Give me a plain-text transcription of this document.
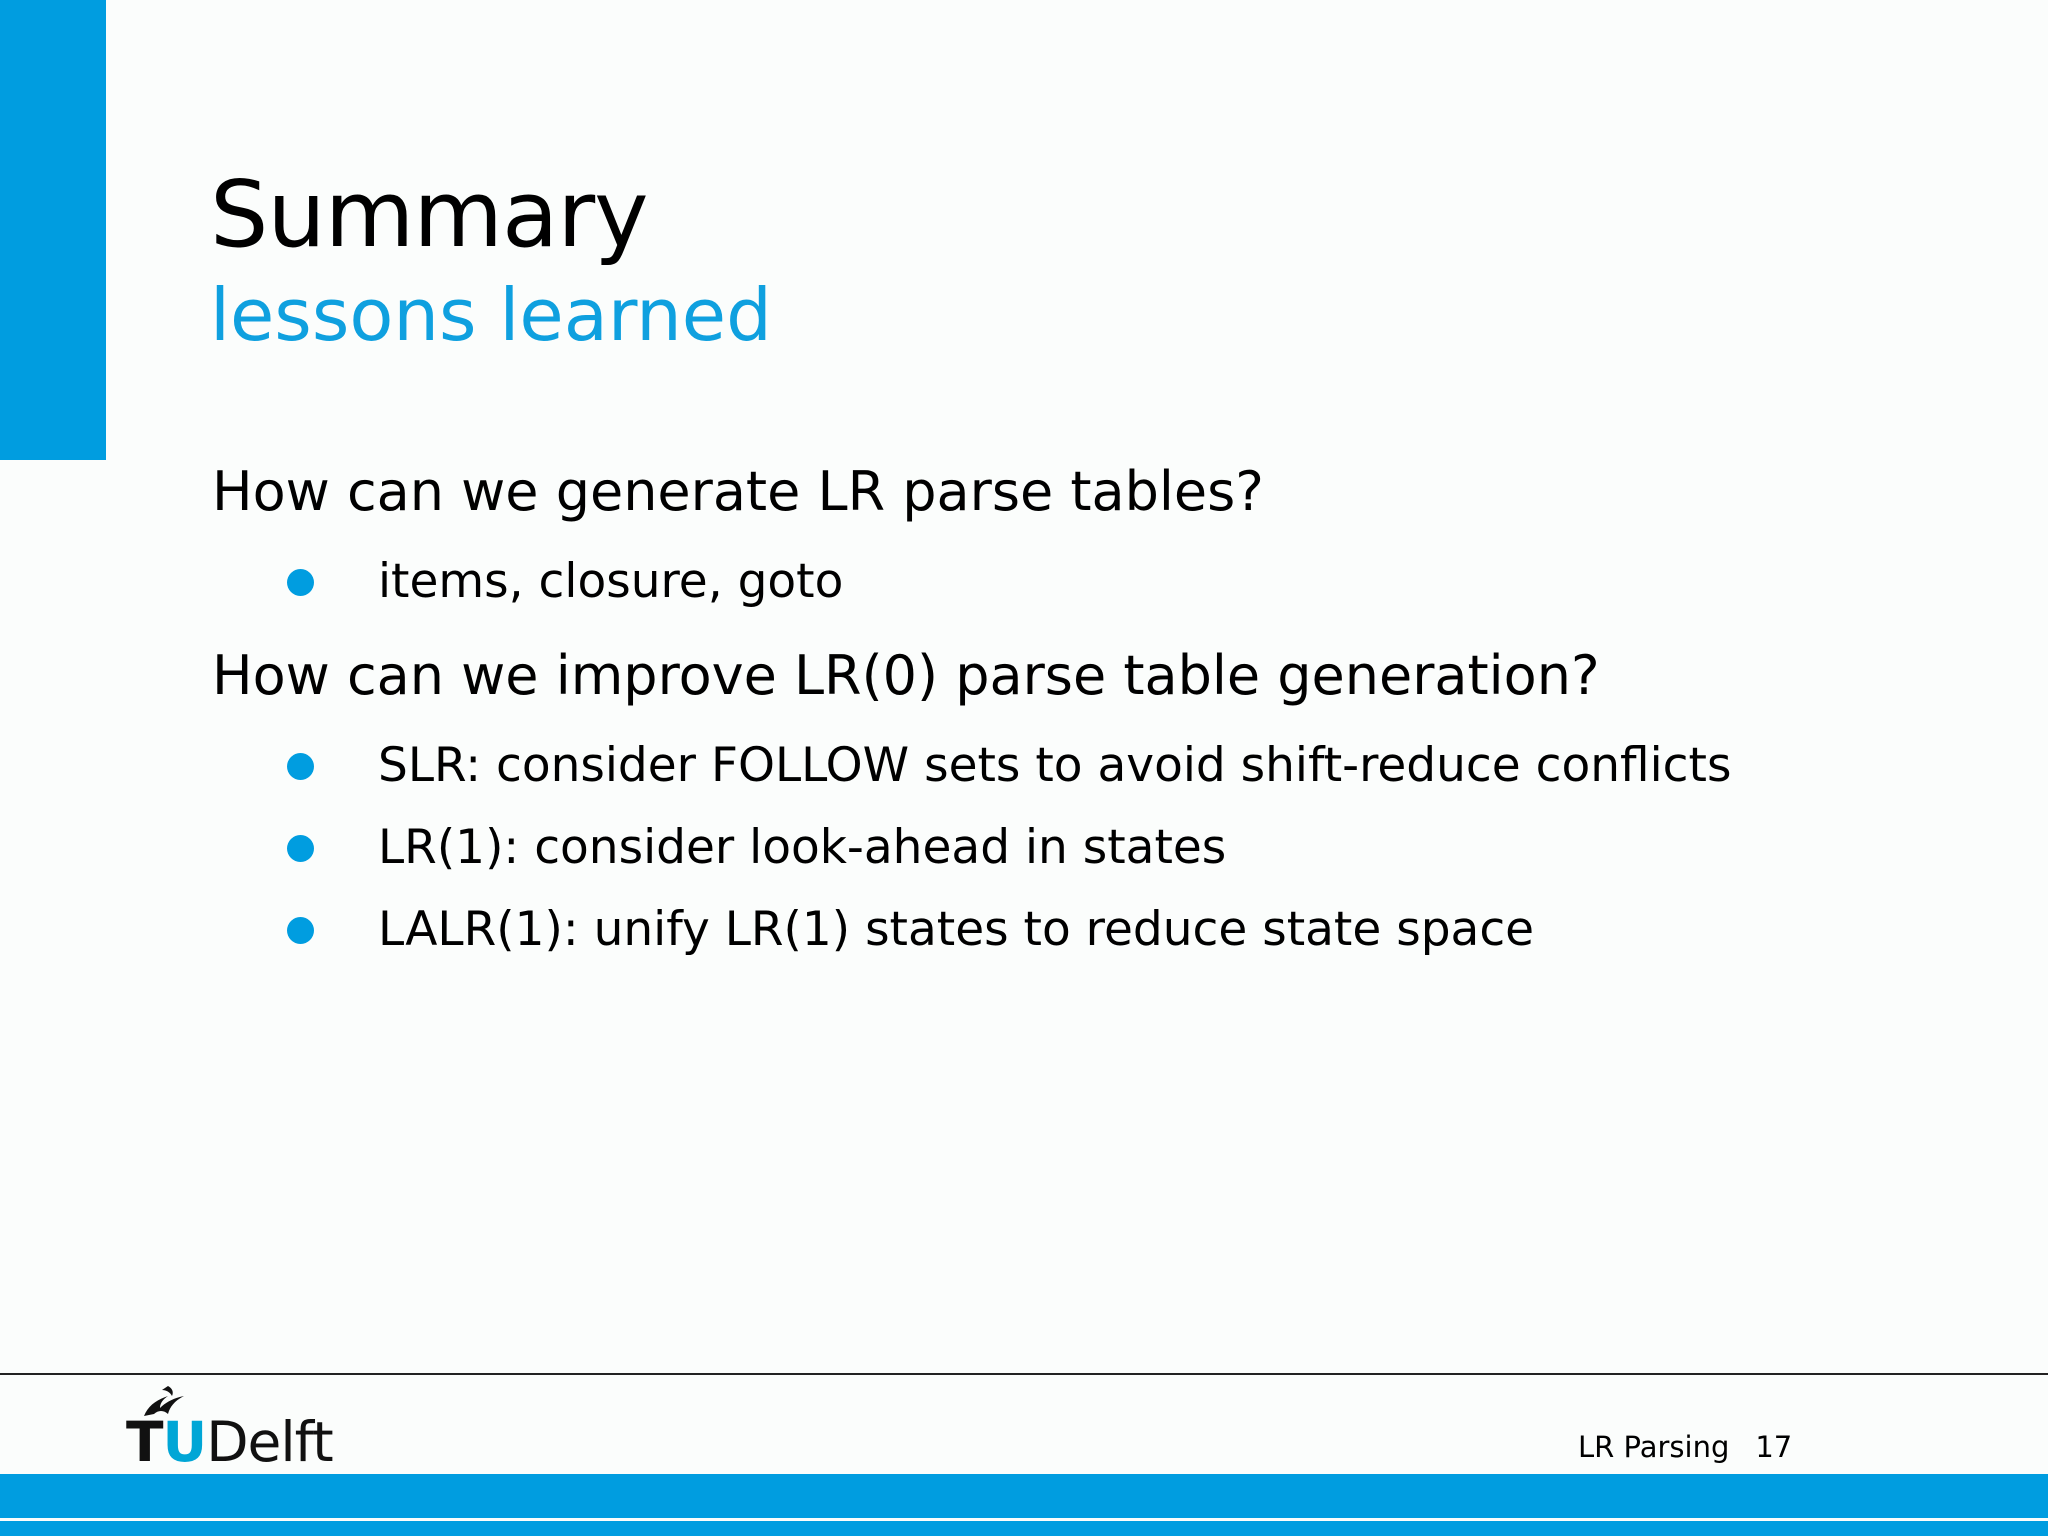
Summary
lessons learned
How can we generate LR parse tables?
items, closure, goto
How can we improve LR(0) parse table generation?
SLR: consider FOLLOW sets to avoid shift-reduce conflicts
LR(1): consider look-ahead in states
LALR(1): unify LR(1) states to reduce state space
TUDelft	LR Parsing 17
